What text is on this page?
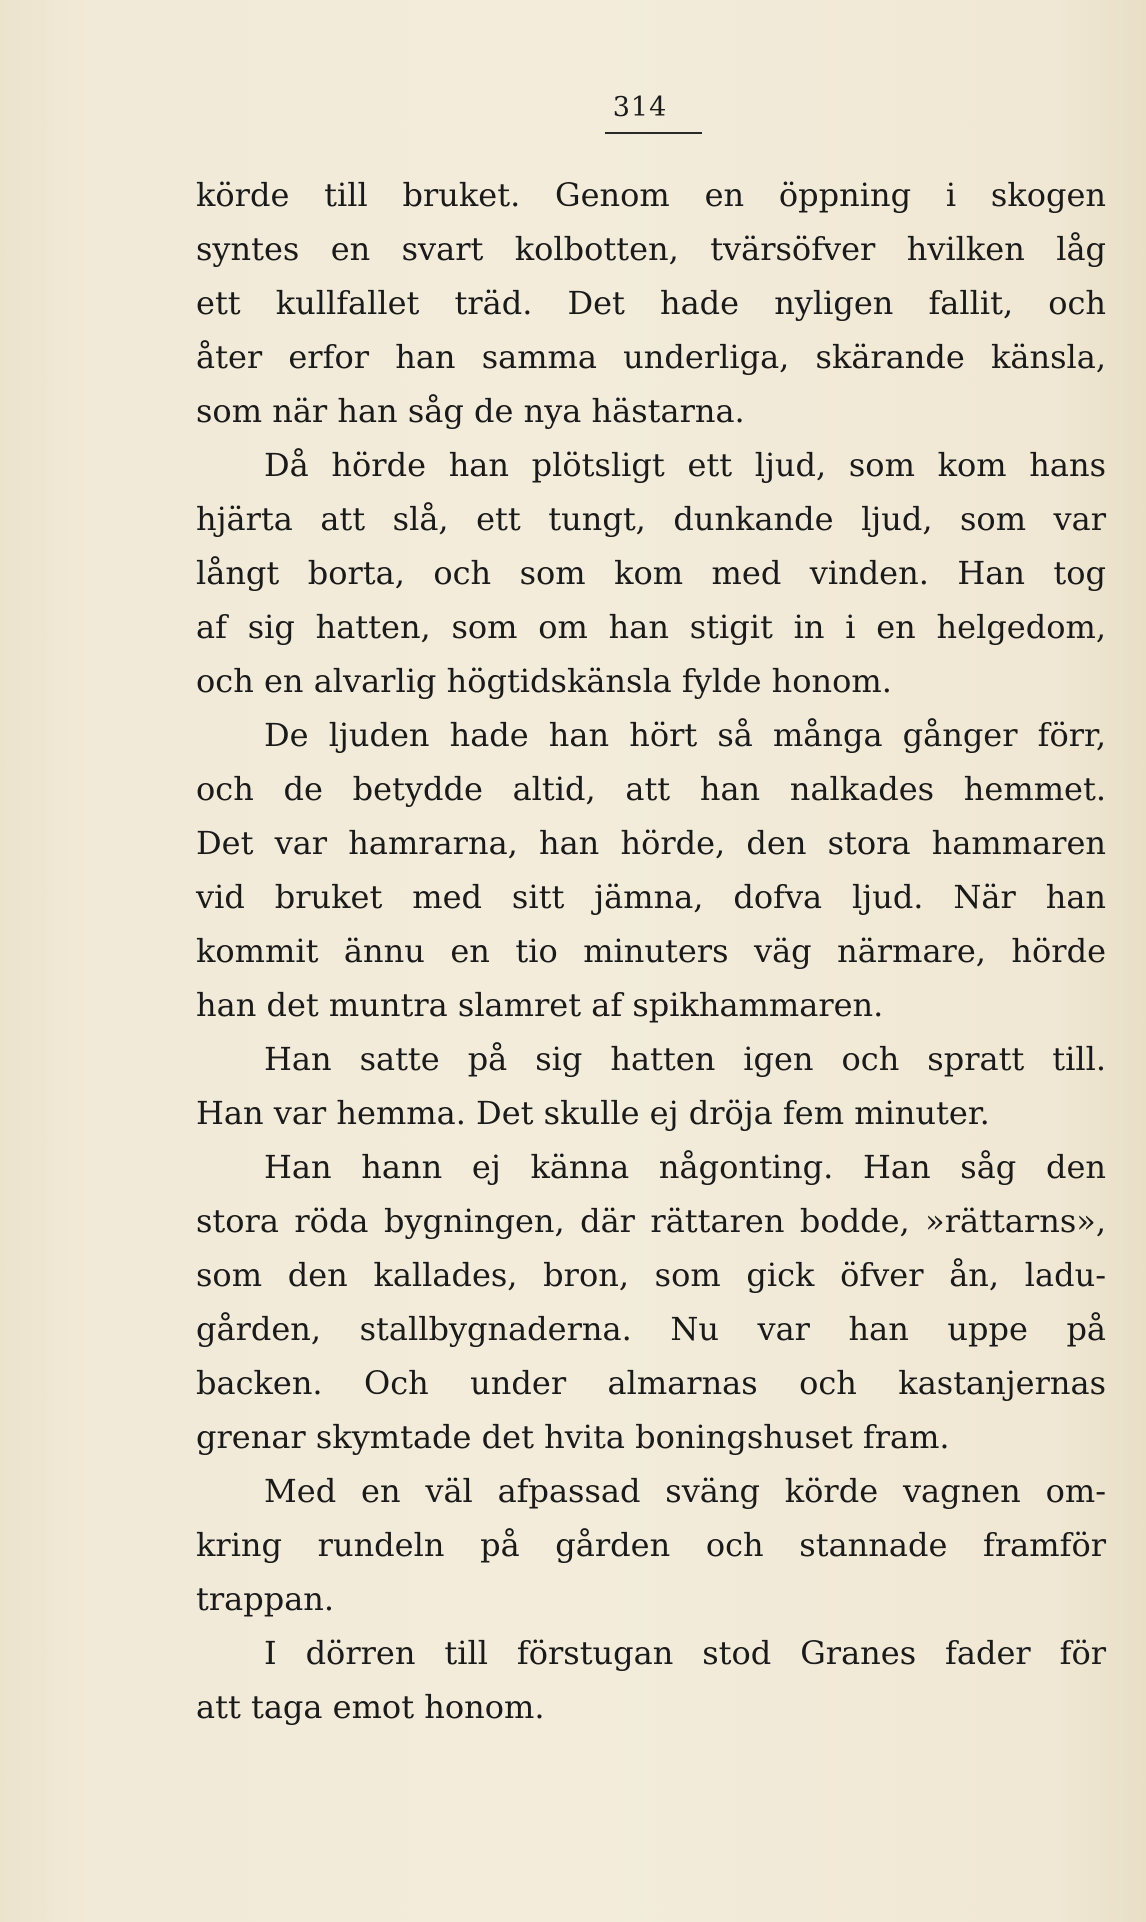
314
körde till bruket. Genom en öppning i skogen
syntes en svart kolbotten, tvärsöfver hvilken låg
ett kullfallet träd. Det hade nyligen fallit, och
åter erfor han samma underliga, skärande känsla,
som när han såg de nya hästarna.
Då hörde han plötsligt ett ljud, som kom hans
hjärta att slå, ett tungt, dunkande ljud, som var
långt borta, och som kom med vinden. Han tog
af sig hatten, som om han stigit in i en helgedom,
och en alvarlig högtidskänsla fylde honom.
De ljuden hade han hört så många gånger förr,
och de betydde altid, att han nalkades hemmet.
Det var hamrarna, han hörde, den stora hammaren
vid bruket med sitt jämna, dofva ljud. När han
kommit ännu en tio minuters väg närmare, hörde
han det muntra slamret af spikhammaren.
Han satte på sig hatten igen och spratt till.
Han var hemma. Det skulle ej dröja fem minuter.
Han hann ej känna någonting. Han såg den
stora röda bygningen, där rättaren bodde, »rättarns»,
som den kallades, bron, som gick öfver ån, ladu-
gården, stallbygnaderna. Nu var han uppe på
backen. Och under almarnas och kastanjernas
grenar skymtade det hvita boningshuset fram.
Med en väl afpassad sväng körde vagnen om-
kring rundeln på gården och stannade framför
trappan.
I dörren till förstugan stod Granes fader för
att taga emot honom.
